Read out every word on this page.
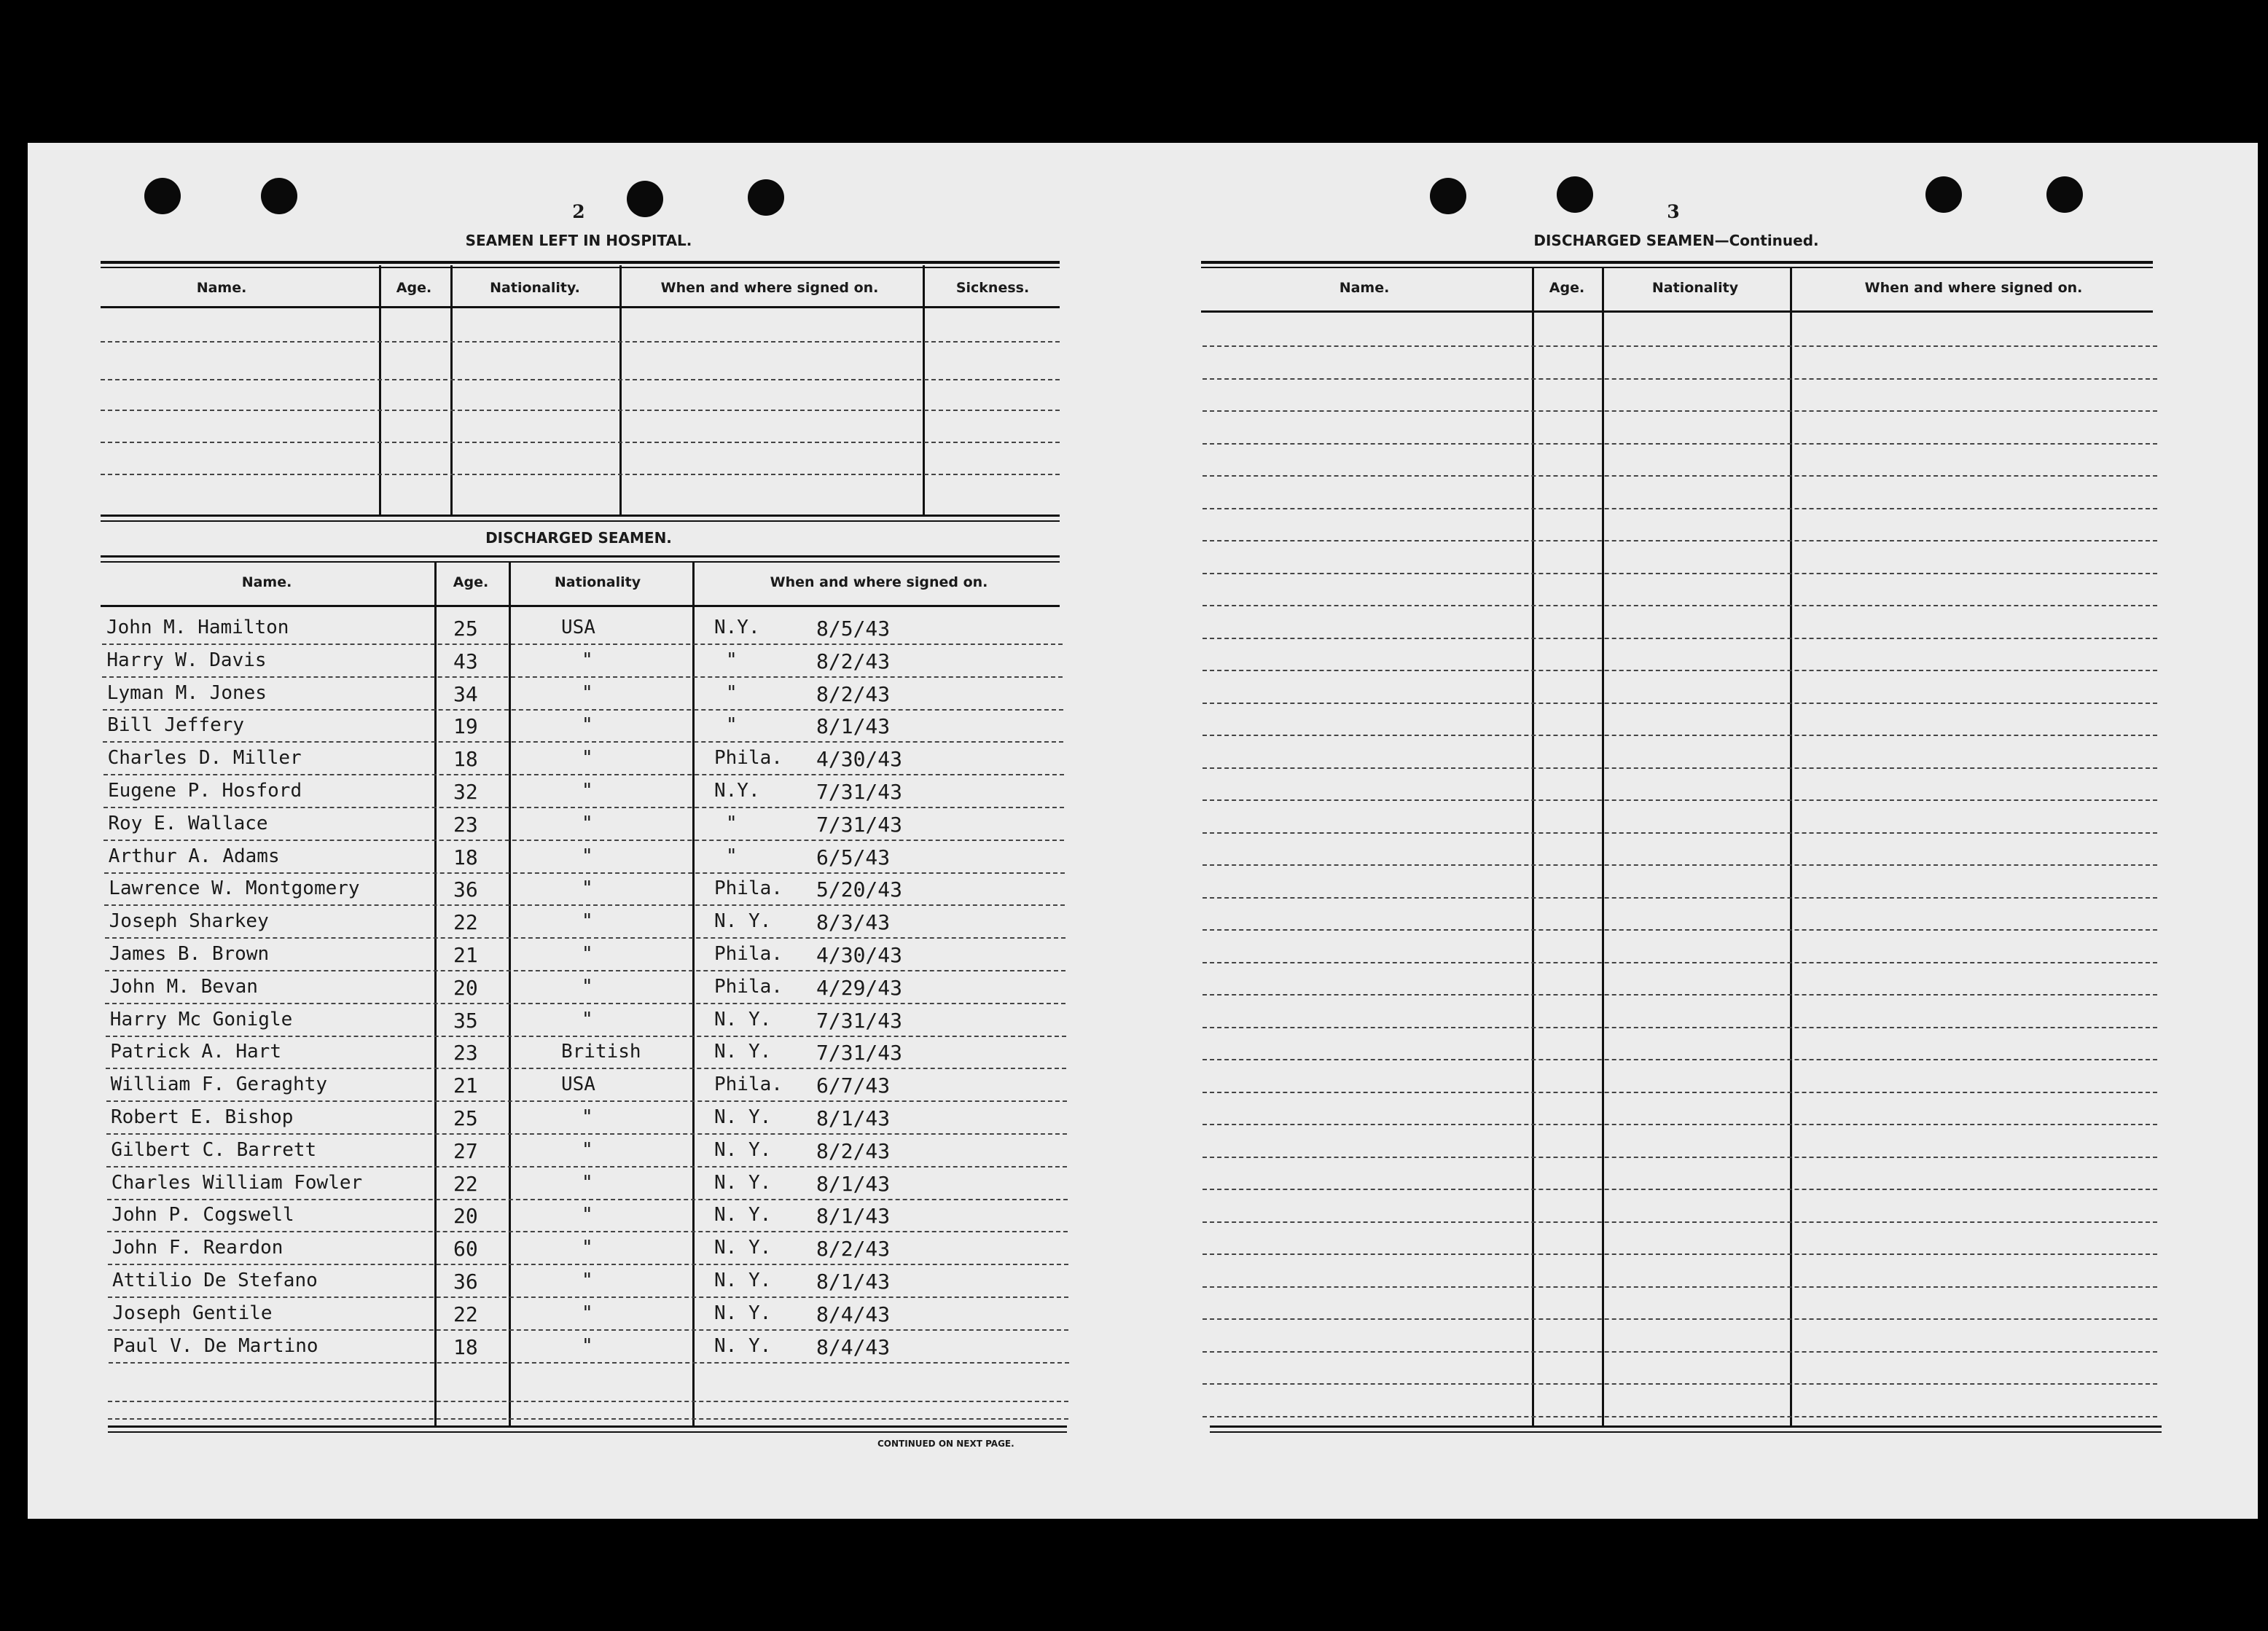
2
SEAMEN LEFT IN HOSPITAL.
Name.	Age.	Nationality.	When and where signed on.	Sickness.
DISCHARGED SEAMEN.
Name.	Age.	Nationality	When and where signed on.
John M. Hamilton	25	USA	N.Y.	8/5/43
Harry W. Davis	43	"	"	8/2/43
Lyman M. Jones	34	"	"	8/2/43
Bill Jeffery	19	"	"	8/1/43
Charles D. Miller	18	"	Phila. 4/30/43
Eugene P. Hosford	32	"	N.Y.	7/31/43
Roy E. Wallace	23	"	"	7/31/43
Arthur A. Adams	18	"	"	6/5/43
Lawrence W. Montgomery	36	"	Phila. 5/20/43
Joseph Sharkey	22	"	N. Y. 8/3/43
James B. Brown	21	"	Phila. 4/30/43
John M. Bevan	20	"	Phila. 4/29/43
Harry Mc Gonigle	35	"	N. Y. 7/31/43
Patrick A. Hart	23	British	N. Y. 7/31/43
William F. Geraghty	21	USA	Phila. 6/7/43
Robert E. Bishop	25	"	N. Y. 8/1/43
Gilbert C. Barrett	27	"	N. Y. 8/2/43
Charles William Fowler	22	"	N. Y. 8/1/43
John P. Cogswell	20	"	N. Y. 8/1/43
John F. Reardon	60	"	N. Y. 8/2/43
Attilio De Stefano	36	"	N. Y. 8/1/43
Joseph Gentile	22	"	N. Y. 8/4/43
Paul V. De Martino	18	"	N. Y. 8/4/43
CONTINUED ON NEXT PAGE.
3
DISCHARGED SEAMEN—Continued.
Name.	Age.	Nationality	When and where signed on.
